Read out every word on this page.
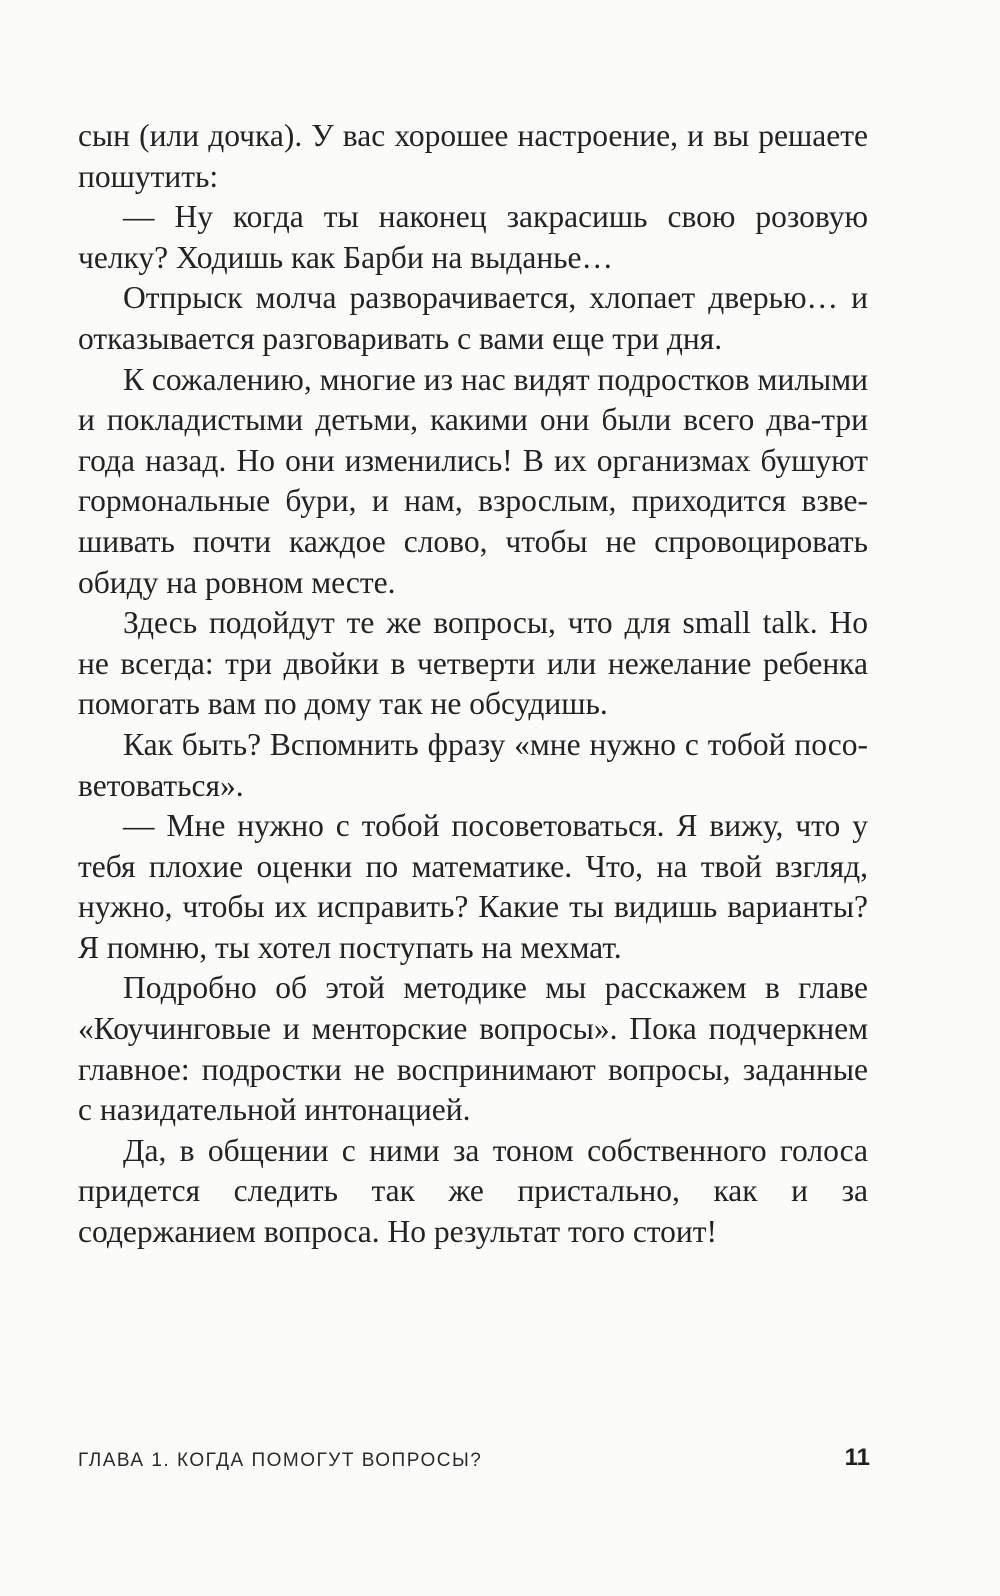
сын (или дочка). У вас хорошее настроение, и вы решаете пошутить:

— Ну когда ты наконец закрасишь свою розовую челку? Ходишь как Барби на выданье…

Отпрыск молча разворачивается, хлопает дверью… и отказывается разговаривать с вами еще три дня.

К сожалению, многие из нас видят подростков милыми и покладистыми детьми, какими они были всего два-три года назад. Но они изменились! В их организмах бушуют гормональные бури, и нам, взрослым, приходится взвешивать почти каждое слово, чтобы не спровоцировать обиду на ровном месте.

Здесь подойдут те же вопросы, что для small talk. Но не всегда: три двойки в четверти или нежелание ребенка помогать вам по дому так не обсудишь.

Как быть? Вспомнить фразу «мне нужно с тобой посоветоваться».

— Мне нужно с тобой посоветоваться. Я вижу, что у тебя плохие оценки по математике. Что, на твой взгляд, нужно, чтобы их исправить? Какие ты видишь варианты? Я помню, ты хотел поступать на мехмат.

Подробно об этой методике мы расскажем в главе «Коучинговые и менторские вопросы». Пока подчеркнем главное: подростки не воспринимают вопросы, заданные с назидательной интонацией.

Да, в общении с ними за тоном собственного голоса придется следить так же пристально, как и за содержанием вопроса. Но результат того стоит!

ГЛАВА 1. КОГДА ПОМОГУТ ВОПРОСЫ?	11
